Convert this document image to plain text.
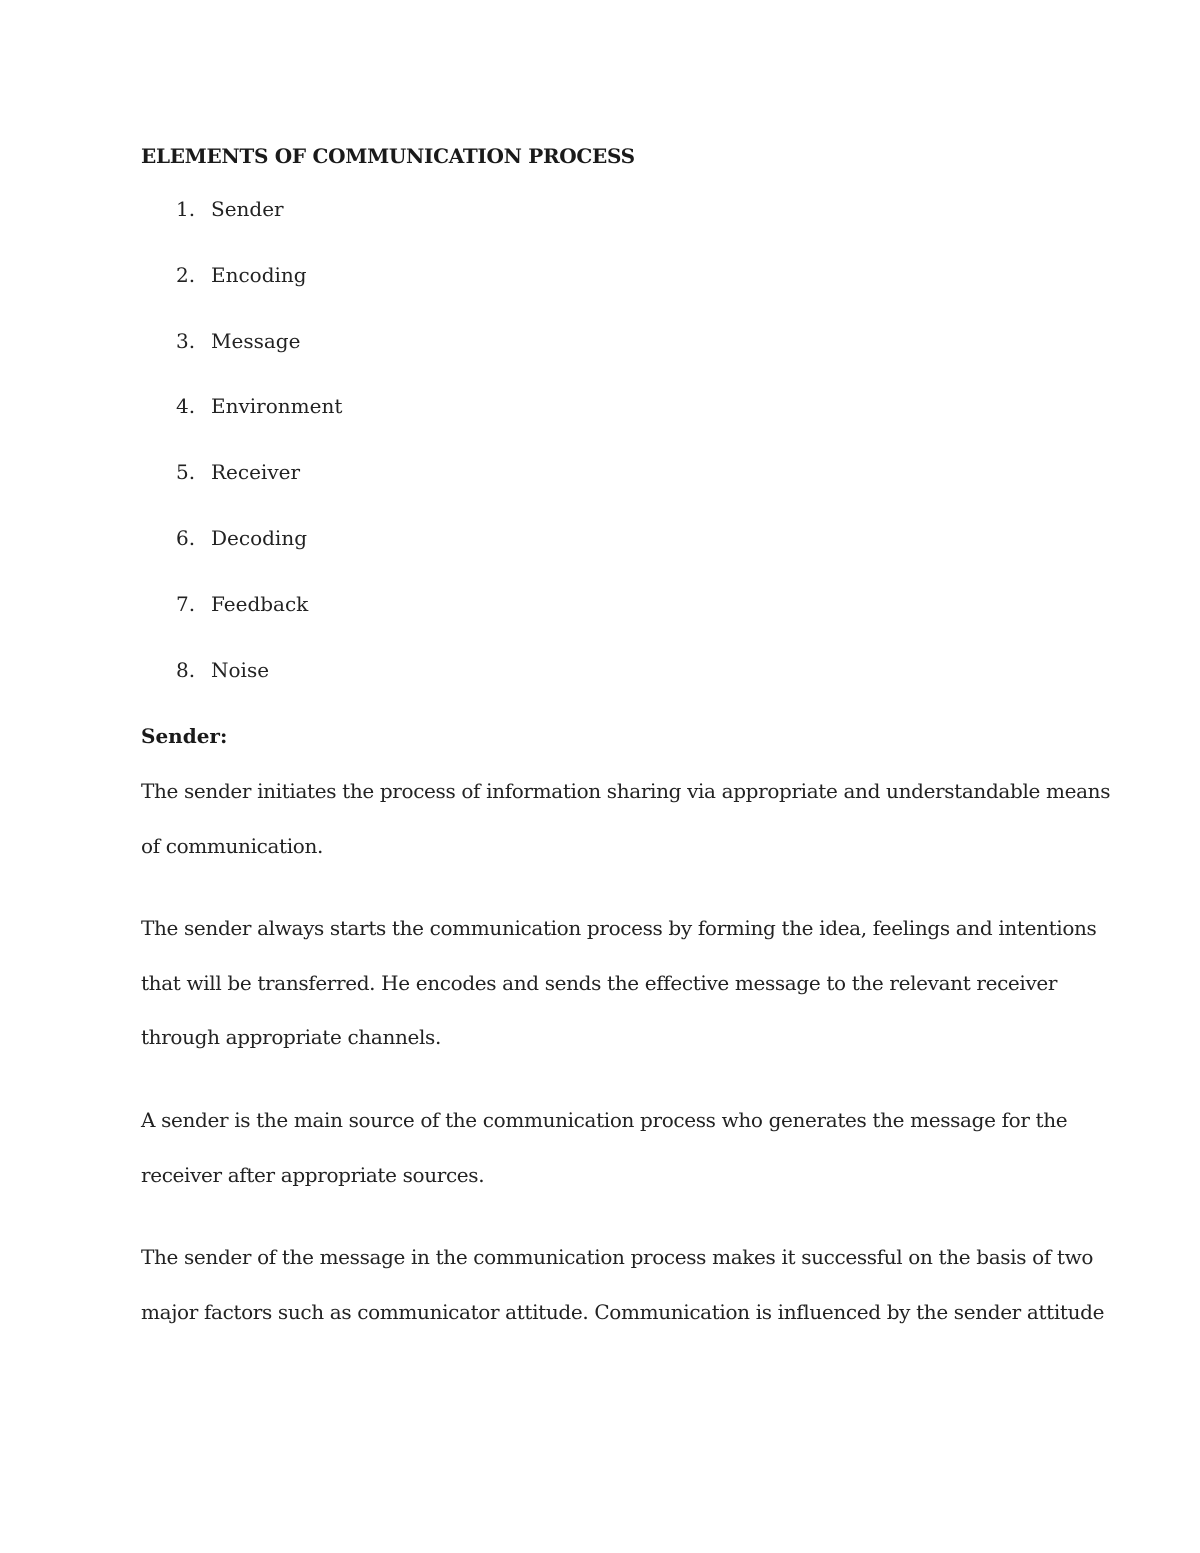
ELEMENTS OF COMMUNICATION PROCESS
1. Sender
2. Encoding
3. Message
4. Environment
5. Receiver
6. Decoding
7. Feedback
8. Noise
Sender:

The sender initiates the process of information sharing via appropriate and understandable means
of communication.

The sender always starts the communication process by forming the idea, feelings and intentions
that will be transferred. He encodes and sends the effective message to the relevant receiver
through appropriate channels.

A sender is the main source of the communication process who generates the message for the
receiver after appropriate sources.

The sender of the message in the communication process makes it successful on the basis of two
major factors such as communicator attitude. Communication is influenced by the sender attitude
